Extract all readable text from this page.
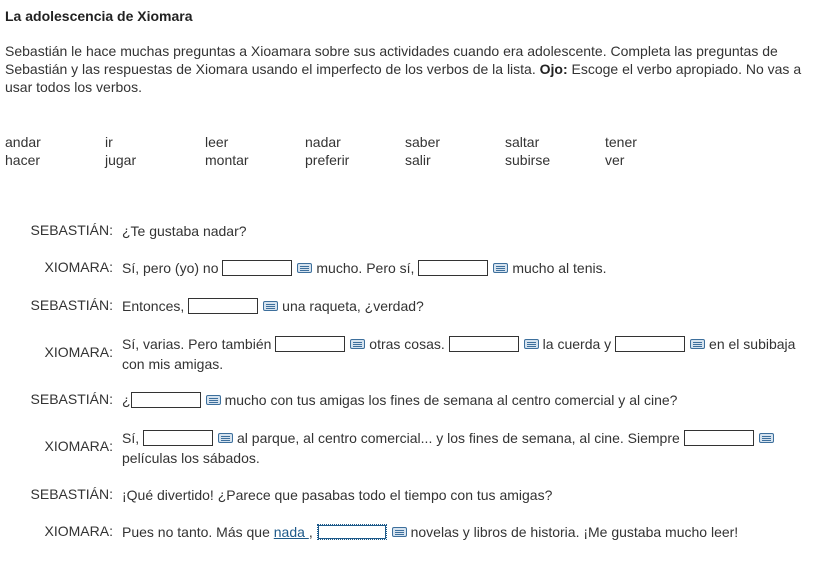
La adolescencia de Xiomara
Sebastián le hace muchas preguntas a Xioamara sobre sus actividades cuando era adolescente. Completa las preguntas de Sebastián y las respuestas de Xiomara usando el imperfecto de los verbos de la lista. Ojo: Escoge el verbo apropiado. No vas a usar todos los verbos.
andar	ir	leer	nadar	saber	saltar	tener
hacer	jugar	montar	preferir	salir	subirse	ver
SEBASTIÁN: ¿Te gustaba nadar?
XIOMARA: Sí, pero (yo) no	mucho. Pero sí,	mucho al tenis.
SEBASTIÁN: Entonces,	una raqueta, ¿verdad?
XIOMARA: Sí, varias. Pero también	otras cosas.	la cuerda y	en el subibaja con mis amigas.
SEBASTIÁN: ¿	mucho con tus amigas los fines de semana al centro comercial y al cine?
XIOMARA: Sí,	al parque, al centro comercial... y los fines de semana, al cine. Siempre películas los sábados.
SEBASTIÁN: ¡Qué divertido! ¿Parece que pasabas todo el tiempo con tus amigas?
XIOMARA: Pues no tanto. Más que nada ,	novelas y libros de historia. ¡Me gustaba mucho leer!
